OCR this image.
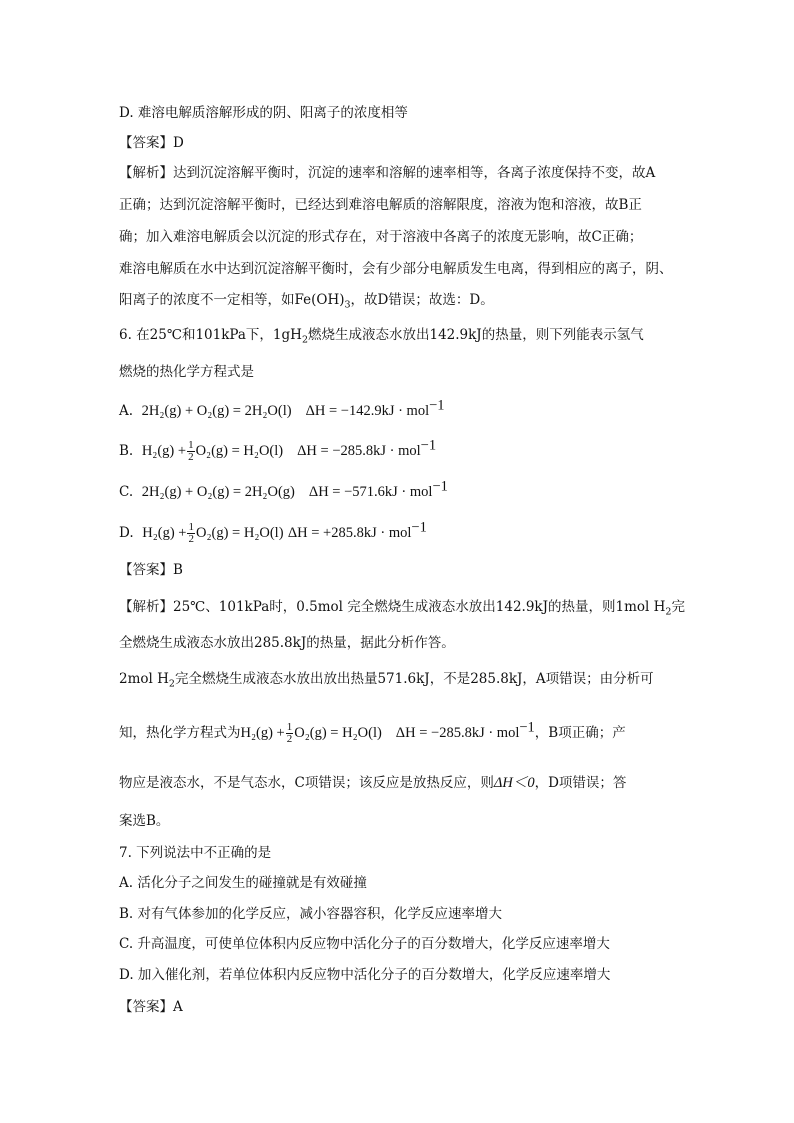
D. 难溶电解质溶解形成的阴、阳离子的浓度相等
【答案】D
【解析】达到沉淀溶解平衡时，沉淀的速率和溶解的速率相等，各离子浓度保持不变，故A
正确；达到沉淀溶解平衡时，已经达到难溶电解质的溶解限度，溶液为饱和溶液，故B正
确；加入难溶电解质会以沉淀的形式存在，对于溶液中各离子的浓度无影响，故C正确；
难溶电解质在水中达到沉淀溶解平衡时，会有少部分电解质发生电离，得到相应的离子，阴、
阳离子的浓度不一定相等，如$Fe(OH)_3$，故D错误；故选：D。
6. 在25℃和101kPa下，$1gH_2$燃烧生成液态水放出142.9kJ的热量，则下列能表示氢气
燃烧的热化学方程式是
A. 2H₂(g) + O₂(g) = 2H₂O(l) ΔH = −142.9kJ · mol$^{-1}$
B. $H_2(g) + \frac{1}{2} O_2(g) = H_2O(l) \Delta H = -285.8kJ \cdot mol^{-1}$
C. 2H₂(g) + O₂(g) = 2H₂O(g) ΔH = −571.6kJ · mol$^{-1}$
D. $H_2(g) + \frac{1}{2} O_2(g) = H_2O(l) \Delta H = +285.8kJ \cdot mol^{-1}$
【答案】B
【解析】25℃、101kPa时，0.5mol 完全燃烧生成液态水放出142.9kJ的热量，则1mol $H_2$完
全燃烧生成液态水放出285.8kJ的热量，据此分析作答。
2mol $H_2$完全燃烧生成液态水放出放出热量571.6kJ，不是285.8kJ，A项错误；由分析可
知，热化学方程式为$H_2(g) + \frac{1}{2} O_2(g) = H_2O(l) \Delta H = -285.8kJ \cdot mol^{-1}$，B项正确；产
物应是液态水，不是气态水，C项错误；该反应是放热反应，则ΔH＜0，D项错误；答
案选B。
7. 下列说法中不正确的是
A. 活化分子之间发生的碰撞就是有效碰撞
B. 对有气体参加的化学反应，减小容器容积，化学反应速率增大
C. 升高温度，可使单位体积内反应物中活化分子的百分数增大，化学反应速率增大
D. 加入催化剂，若单位体积内反应物中活化分子的百分数增大，化学反应速率增大
【答案】A
